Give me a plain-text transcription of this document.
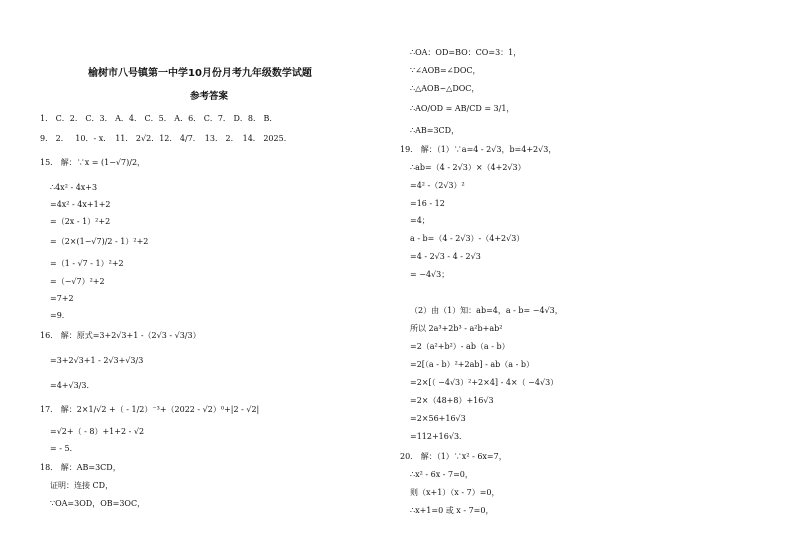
榆树市八号镇第一中学10月份月考九年级数学试题
参考答案
1． C．2． C．3． A．4． C．5． A．6． C．7． D．8． B．
9． 2．　 10．- x．　11． 2√2．12． 4/7．　13． 2．　14． 2025．
15． 解：∵x = (1−√7)/2，
∴4x² - 4x+3
=4x² - 4x+1+2
=（2x - 1）²+2
=（2×(1−√7)/2 - 1）²+2
=（1 - √7 - 1）²+2
=（−√7）²+2
=7+2
=9．
16． 解：原式=3+2√3+1 -（2√3 - √3/3）
=3+2√3+1 - 2√3+√3/3
=4+√3/3．
17． 解：2×1/√2 +（ - 1/2）⁻³+（2022 - √2）⁰+|2 - √2|
=√2+（ - 8）+1+2 - √2
= - 5．
18． 解：AB=3CD，
证明：连接 CD，
∵OA=3OD，OB=3OC，
∴OA：OD=BO：CO=3：1，
∵∠AOB=∠DOC，
∴△AOB∽△DOC，
∴AO/OD = AB/CD = 3/1，
∴AB=3CD，
19． 解：（1）∵a=4 - 2√3，b=4+2√3，
∴ab=（4 - 2√3）×（4+2√3）
=4² -（2√3）²
=16 - 12
=4；
a - b=（4 - 2√3）-（4+2√3）
=4 - 2√3 - 4 - 2√3
= −4√3；
（2）由（1）知：ab=4，a - b= −4√3，
所以 2a³+2b³ - a²b+ab²
=2（a²+b²）- ab（a - b）
=2[（a - b）²+2ab] - ab（a - b）
=2×[（ −4√3）²+2×4] - 4×（ −4√3）
=2×（48+8）+16√3
=2×56+16√3
=112+16√3．
20． 解：（1）∵x² - 6x=7，
∴x² - 6x - 7=0，
则（x+1）（x - 7）=0，
∴x+1=0 或 x - 7=0，
